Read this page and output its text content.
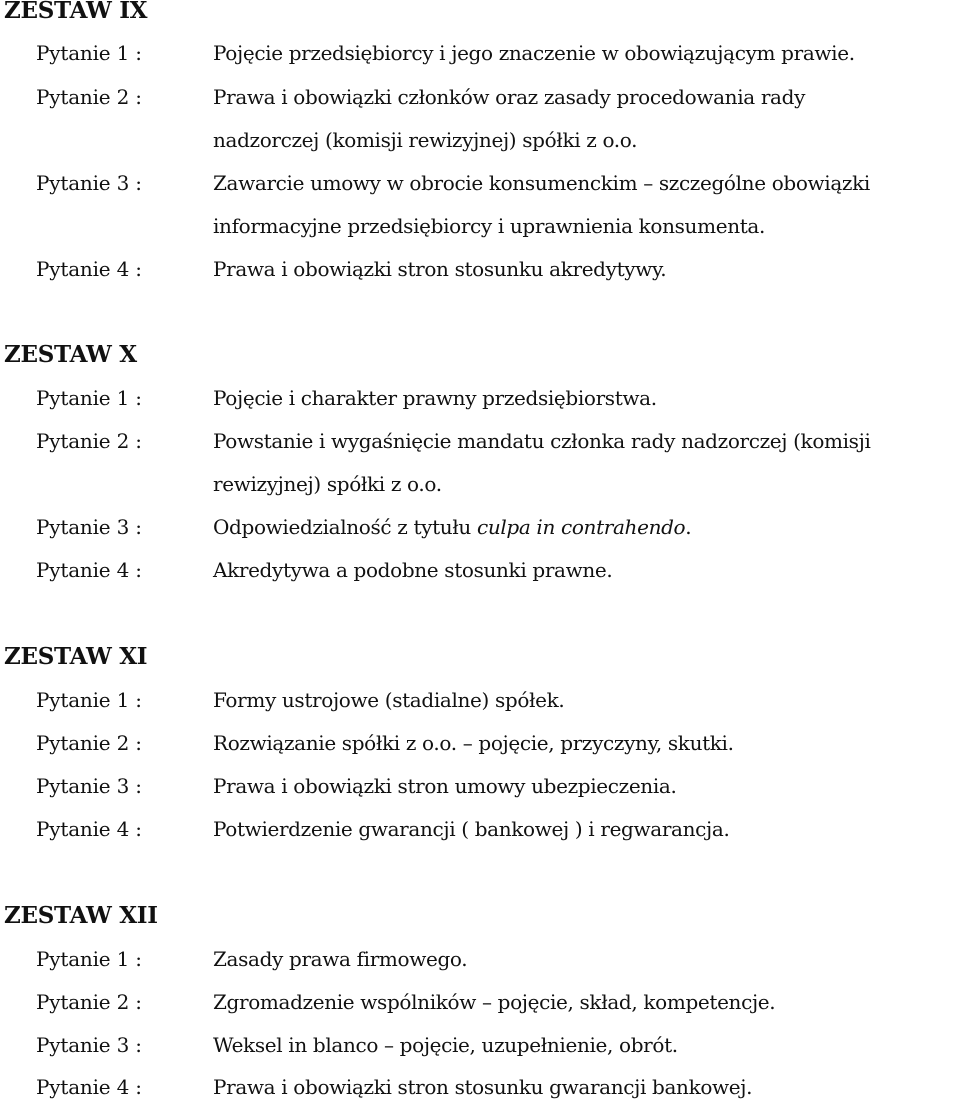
ZESTAW IX
Pytanie 1 :	Pojęcie przedsiębiorcy i jego znaczenie w obowiązującym prawie.
Pytanie 2 :	Prawa i obowiązki członków oraz zasady procedowania rady
nadzorczej (komisji rewizyjnej) spółki z o.o.
Pytanie 3 :	Zawarcie umowy w obrocie konsumenckim – szczególne obowiązki
informacyjne przedsiębiorcy i uprawnienia konsumenta.
Pytanie 4 :	Prawa i obowiązki stron stosunku akredytywy.
ZESTAW X
Pytanie 1 :	Pojęcie i charakter prawny przedsiębiorstwa.
Pytanie 2 :	Powstanie i wygaśnięcie mandatu członka rady nadzorczej (komisji
rewizyjnej) spółki z o.o.
Pytanie 3 :	Odpowiedzialność z tytułu culpa in contrahendo.
Pytanie 4 :	Akredytywa a podobne stosunki prawne.
ZESTAW XI
Pytanie 1 :	Formy ustrojowe (stadialne) spółek.
Pytanie 2 :	Rozwiązanie spółki z o.o. – pojęcie, przyczyny, skutki.
Pytanie 3 :	Prawa i obowiązki stron umowy ubezpieczenia.
Pytanie 4 :	Potwierdzenie gwarancji ( bankowej ) i regwarancja.
ZESTAW XII
Pytanie 1 :	Zasady prawa firmowego.
Pytanie 2 :	Zgromadzenie wspólników – pojęcie, skład, kompetencje.
Pytanie 3 :	Weksel in blanco – pojęcie, uzupełnienie, obrót.
Pytanie 4 :	Prawa i obowiązki stron stosunku gwarancji bankowej.
